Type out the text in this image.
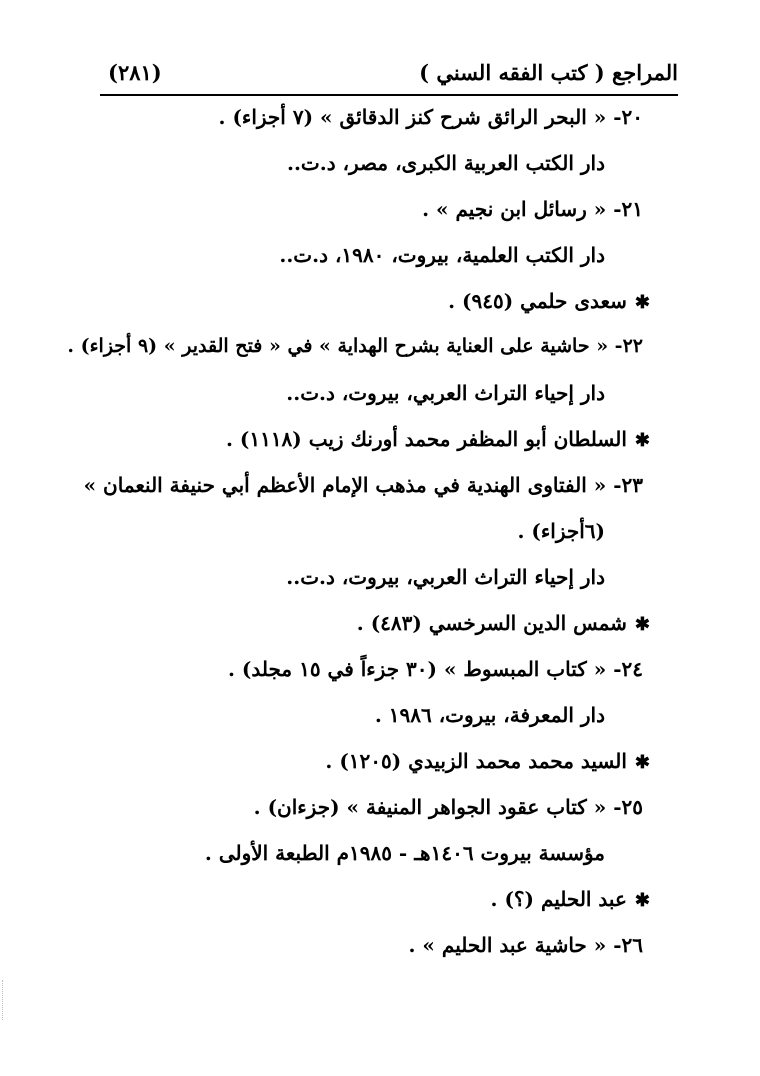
المراجع ( كتب الفقه السني )
(٢٨١)
٢٠- « البحر الرائق شرح كنز الدقائق » (٧ أجزاء) .
دار الكتب العربية الكبرى، مصر، د.ت..
٢١- « رسائل ابن نجيم » .
دار الكتب العلمية، بيروت، ١٩٨٠، د.ت..
✱سعدى حلمي (٩٤٥) .
٢٢- « حاشية على العناية بشرح الهداية » في « فتح القدير » (٩ أجزاء) .
دار إحياء التراث العربي، بيروت، د.ت..
✱السلطان أبو المظفر محمد أورنك زيب (١١١٨) .
٢٣- « الفتاوى الهندية في مذهب الإمام الأعظم أبي حنيفة النعمان »
(٦أجزاء) .
دار إحياء التراث العربي، بيروت، د.ت..
✱شمس الدين السرخسي (٤٨٣) .
٢٤- « كتاب المبسوط » (٣٠ جزءاً في ١٥ مجلد) .
دار المعرفة، بيروت، ١٩٨٦ .
✱السيد محمد محمد الزبيدي (١٢٠٥) .
٢٥- « كتاب عقود الجواهر المنيفة » (جزءان) .
مؤسسة بيروت ١٤٠٦هـ - ١٩٨٥م الطبعة الأولى .
✱عبد الحليم (؟) .
٢٦- « حاشية عبد الحليم » .
